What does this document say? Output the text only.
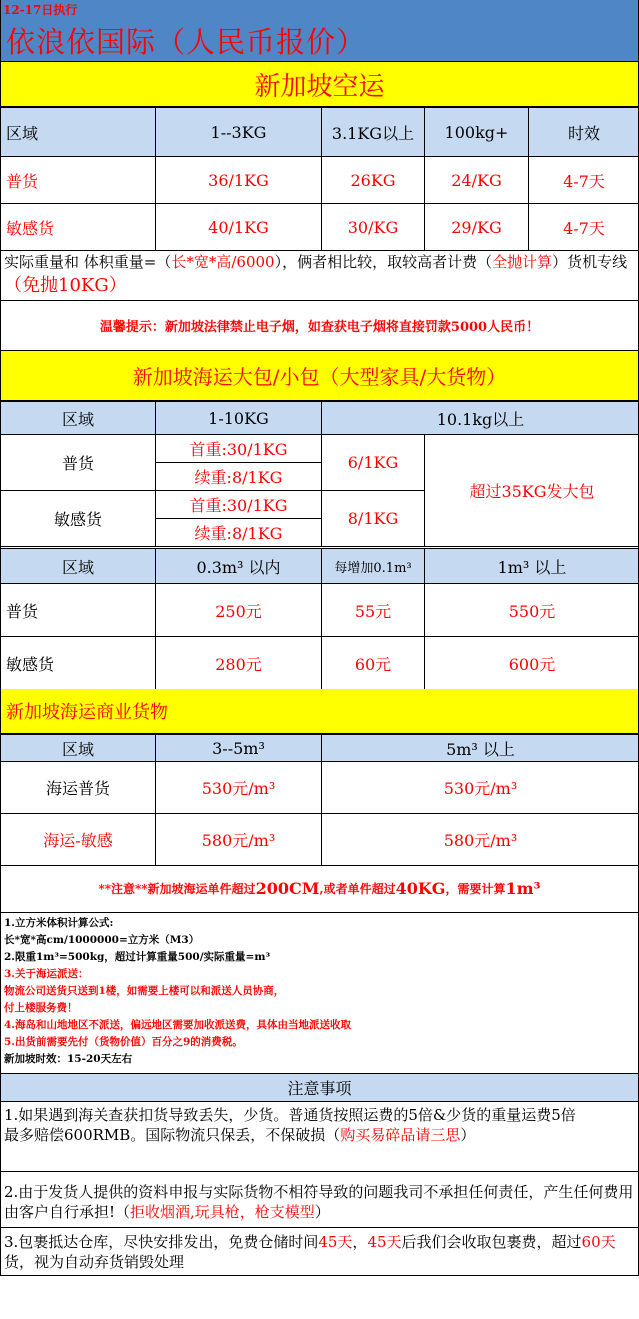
12-17日执行
依浪依国际（人民币报价）
新加坡空运
区域	1--3KG	3.1KG以上	100kg+	时效
普货	36/1KG	26KG	24/KG	4-7天
敏感货	40/1KG	30/KG	29/KG	4-7天
实际重量和 体积重量=（长*宽*高/6000），俩者相比较，取较高者计费（全抛计算）货机专线（免抛10KG）
温馨提示：新加坡法律禁止电子烟，如查获电子烟将直接罚款5000人民币！
新加坡海运大包/小包（大型家具/大货物）
区域	1-10KG	10.1kg以上	
普货	首重:30/1KG	6/1KG	超过35KG发大包
	续重:8/1KG		
敏感货	首重:30/1KG	8/1KG	
	续重:8/1KG		
区域	0.3m³ 以内	每增加0.1m³	1m³ 以上
普货	250元	55元	550元
敏感货	280元	60元	600元
新加坡海运商业货物
区域	3--5m³	5m³ 以上
海运普货	530元/m³	530元/m³
海运-敏感	580元/m³	580元/m³
**注意**新加坡海运单件超过 200CM ,或者单件超过 40KG ，需要计算 1m³
1.立方米体积计算公式:
长*宽*高cm/1000000=立方米（M3）
2.限重1m³=500kg，超过计算重量500/实际重量=m³
3.关于海运派送：
物流公司送货只送到1楼，如需要上楼可以和派送人员协商，
付上楼服务费！
4.海岛和山地地区不派送，偏远地区需要加收派送费，具体由当地派送收取
5.出货前需要先付（货物价值）百分之9的消费税。
新加坡时效：15-20天左右
注意事项
1.如果遇到海关查获扣货导致丢失，少货。普通货按照运费的5倍&少货的重量运费5倍
最多赔偿600RMB。国际物流只保丢，不保破损（购买易碎品请三思）
2.由于发货人提供的资料申报与实际货物不相符导致的问题我司不承担任何责任，产生任何费用由客户自行承担!（拒收烟酒,玩具枪，枪支模型）
3.包裹抵达仓库，尽快安排发出，免费仓储时间45天，45天后我们会收取包裹费，超过60天货，视为自动弃货销毁处理
